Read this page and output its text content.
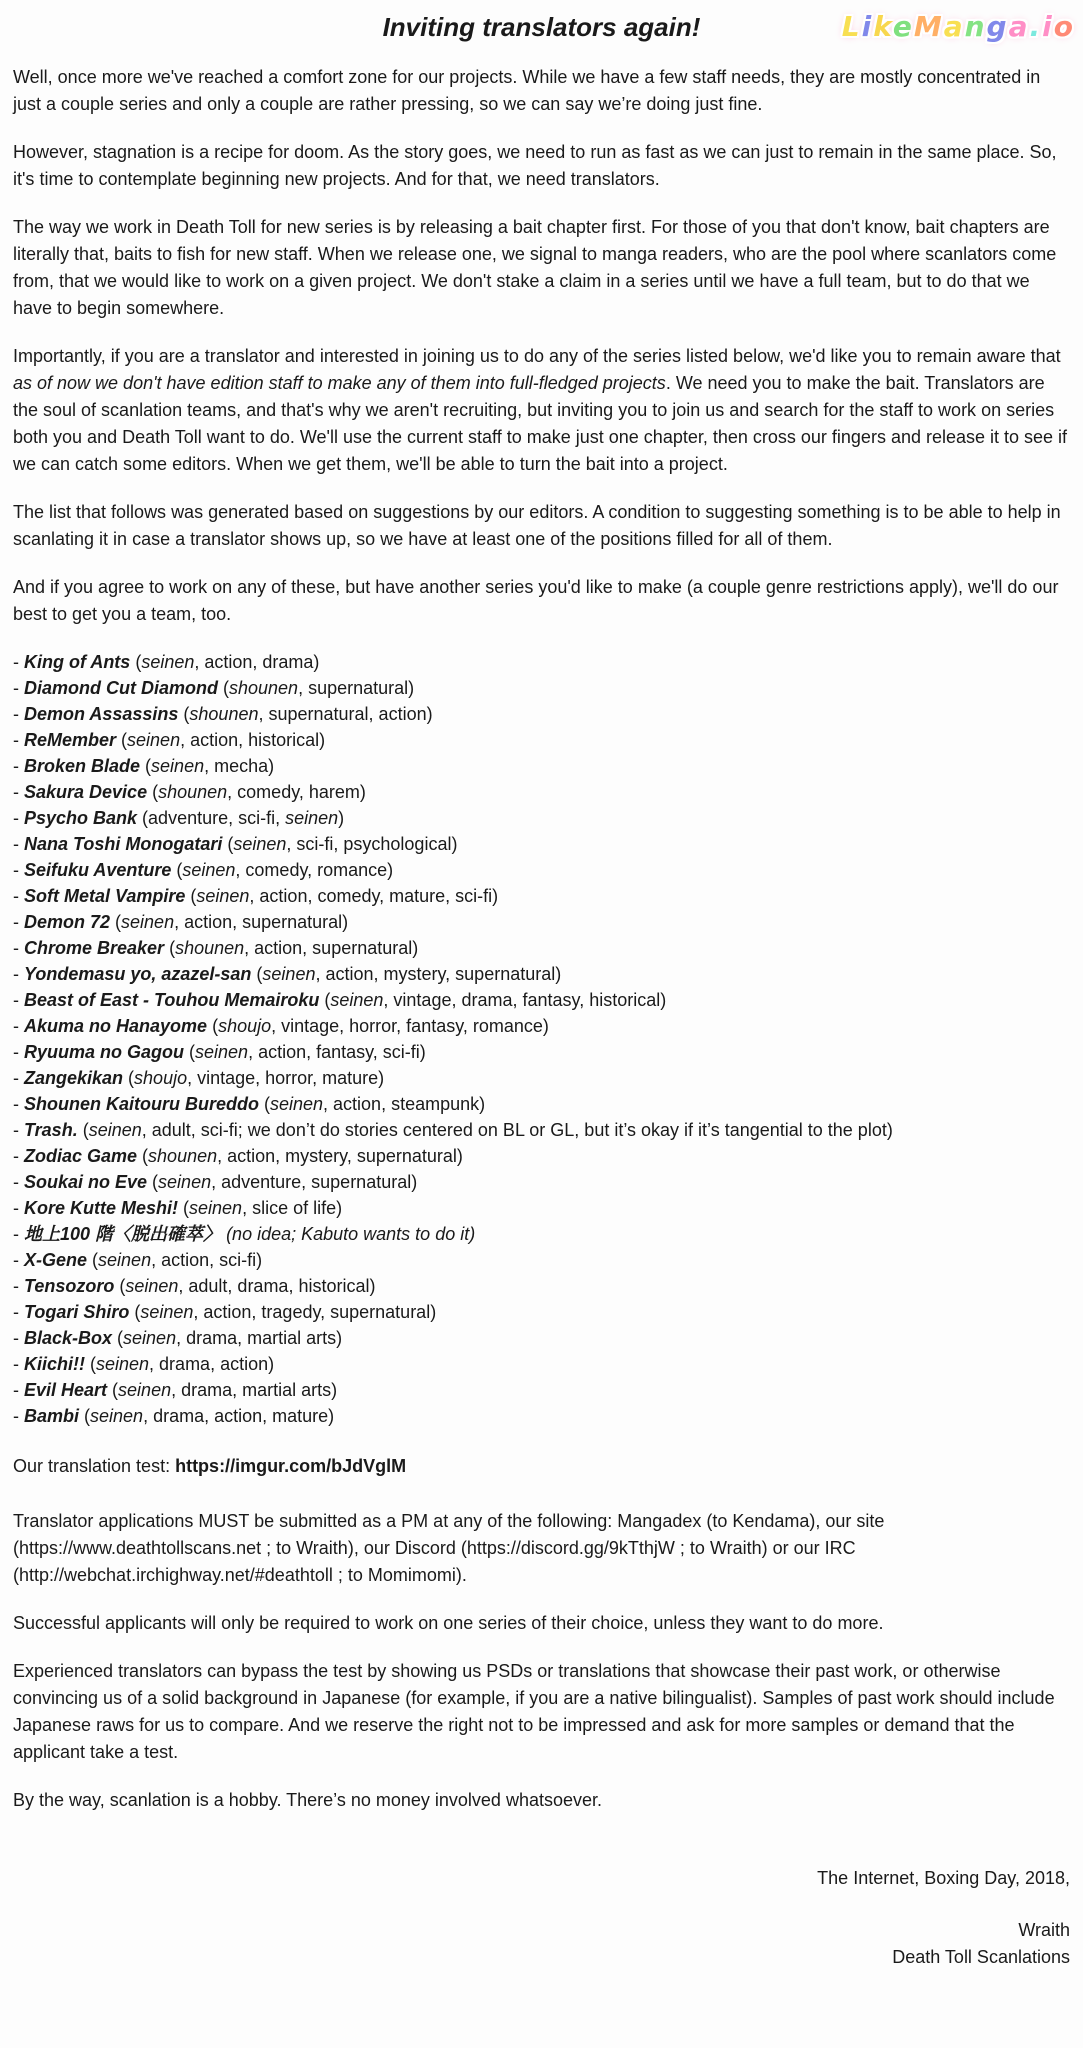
Inviting translators again!	LikeManga.io

Well, once more we've reached a comfort zone for our projects. While we have a few staff needs, they are mostly concentrated in just a couple series and only a couple are rather pressing, so we can say we’re doing just fine.

However, stagnation is a recipe for doom. As the story goes, we need to run as fast as we can just to remain in the same place. So, it's time to contemplate beginning new projects. And for that, we need translators.

The way we work in Death Toll for new series is by releasing a bait chapter first. For those of you that don't know, bait chapters are literally that, baits to fish for new staff. When we release one, we signal to manga readers, who are the pool where scanlators come from, that we would like to work on a given project. We don't stake a claim in a series until we have a full team, but to do that we have to begin somewhere.

Importantly, if you are a translator and interested in joining us to do any of the series listed below, we'd like you to remain aware that as of now we don't have edition staff to make any of them into full-fledged projects. We need you to make the bait. Translators are the soul of scanlation teams, and that's why we aren't recruiting, but inviting you to join us and search for the staff to work on series both you and Death Toll want to do. We'll use the current staff to make just one chapter, then cross our fingers and release it to see if we can catch some editors. When we get them, we'll be able to turn the bait into a project.

The list that follows was generated based on suggestions by our editors. A condition to suggesting something is to be able to help in scanlating it in case a translator shows up, so we have at least one of the positions filled for all of them.

And if you agree to work on any of these, but have another series you'd like to make (a couple genre restrictions apply), we'll do our best to get you a team, too.

- King of Ants (seinen, action, drama)
- Diamond Cut Diamond (shounen, supernatural)
- Demon Assassins (shounen, supernatural, action)
- ReMember (seinen, action, historical)
- Broken Blade (seinen, mecha)
- Sakura Device (shounen, comedy, harem)
- Psycho Bank (adventure, sci-fi, seinen)
- Nana Toshi Monogatari (seinen, sci-fi, psychological)
- Seifuku Aventure (seinen, comedy, romance)
- Soft Metal Vampire (seinen, action, comedy, mature, sci-fi)
- Demon 72 (seinen, action, supernatural)
- Chrome Breaker (shounen, action, supernatural)
- Yondemasu yo, azazel-san (seinen, action, mystery, supernatural)
- Beast of East - Touhou Memairoku (seinen, vintage, drama, fantasy, historical)
- Akuma no Hanayome (shoujo, vintage, horror, fantasy, romance)
- Ryuuma no Gagou (seinen, action, fantasy, sci-fi)
- Zangekikan (shoujo, vintage, horror, mature)
- Shounen Kaitouru Bureddo (seinen, action, steampunk)
- Trash. (seinen, adult, sci-fi; we don’t do stories centered on BL or GL, but it’s okay if it’s tangential to the plot)
- Zodiac Game (shounen, action, mystery, supernatural)
- Soukai no Eve (seinen, adventure, supernatural)
- Kore Kutte Meshi! (seinen, slice of life)
- 地上100 階〈脱出確萃〉 (no idea; Kabuto wants to do it)
- X-Gene (seinen, action, sci-fi)
- Tensozoro (seinen, adult, drama, historical)
- Togari Shiro (seinen, action, tragedy, supernatural)
- Black-Box (seinen, drama, martial arts)
- Kiichi!! (seinen, drama, action)
- Evil Heart (seinen, drama, martial arts)
- Bambi (seinen, drama, action, mature)

Our translation test: https://imgur.com/bJdVglM

Translator applications MUST be submitted as a PM at any of the following: Mangadex (to Kendama), our site (https://www.deathtollscans.net ; to Wraith), our Discord (https://discord.gg/9kTthjW ; to Wraith) or our IRC (http://webchat.irchighway.net/#deathtoll ; to Momimomi).

Successful applicants will only be required to work on one series of their choice, unless they want to do more.

Experienced translators can bypass the test by showing us PSDs or translations that showcase their past work, or otherwise convincing us of a solid background in Japanese (for example, if you are a native bilingualist). Samples of past work should include Japanese raws for us to compare. And we reserve the right not to be impressed and ask for more samples or demand that the applicant take a test.

By the way, scanlation is a hobby. There’s no money involved whatsoever.

The Internet, Boxing Day, 2018,

Wraith

Death Toll Scanlations
